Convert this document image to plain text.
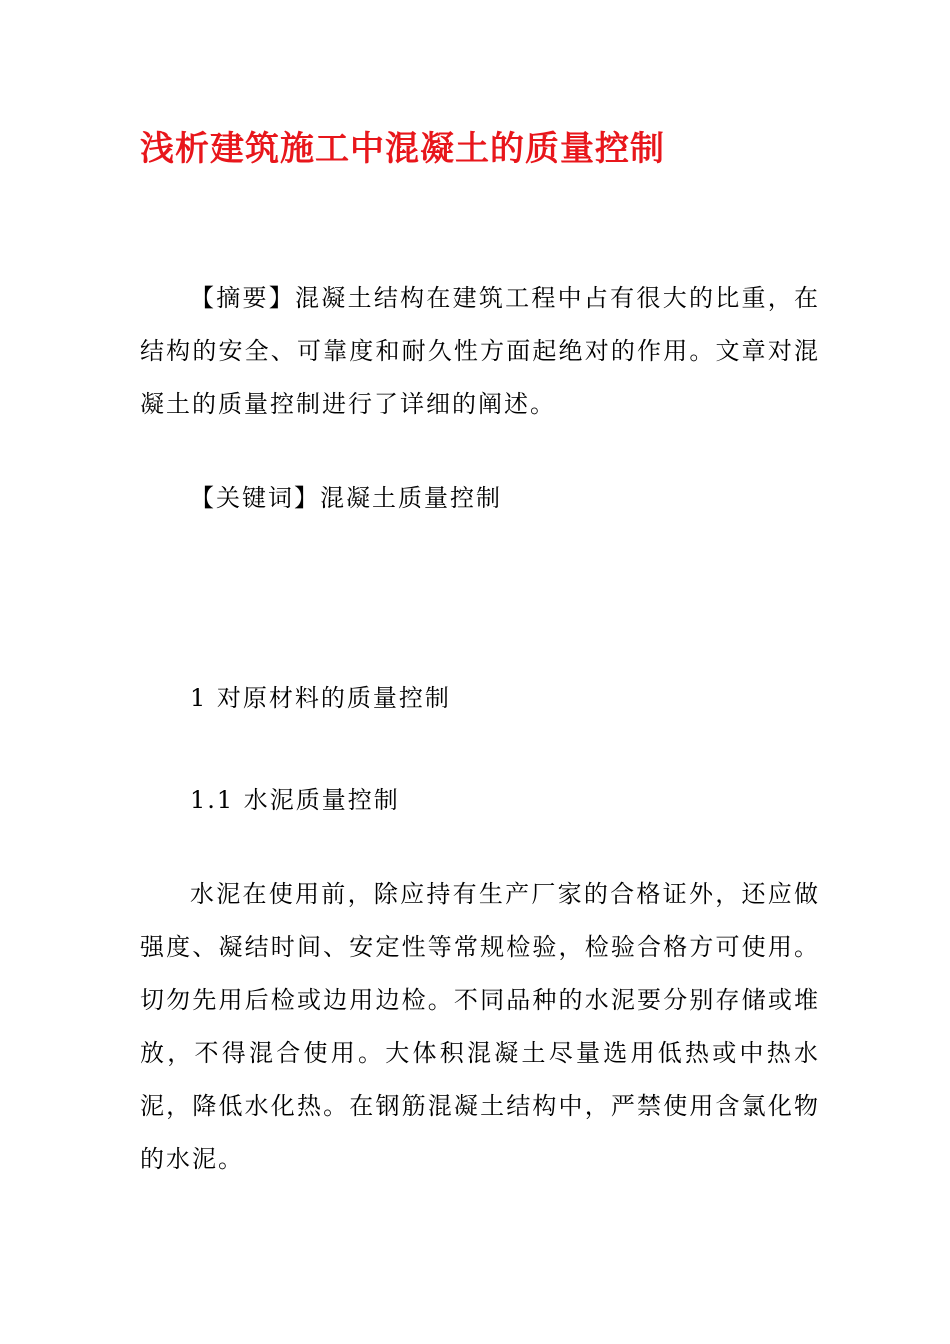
浅析建筑施工中混凝土的质量控制

【摘要】混凝土结构在建筑工程中占有很大的比重，在结构的安全、可靠度和耐久性方面起绝对的作用。文章对混凝土的质量控制进行了详细的阐述。

【关键词】混凝土质量控制

1 对原材料的质量控制

1.1 水泥质量控制

水泥在使用前，除应持有生产厂家的合格证外，还应做强度、凝结时间、安定性等常规检验，检验合格方可使用。切勿先用后检或边用边检。不同品种的水泥要分别存储或堆放，不得混合使用。大体积混凝土尽量选用低热或中热水泥，降低水化热。在钢筋混凝土结构中，严禁使用含氯化物的水泥。
